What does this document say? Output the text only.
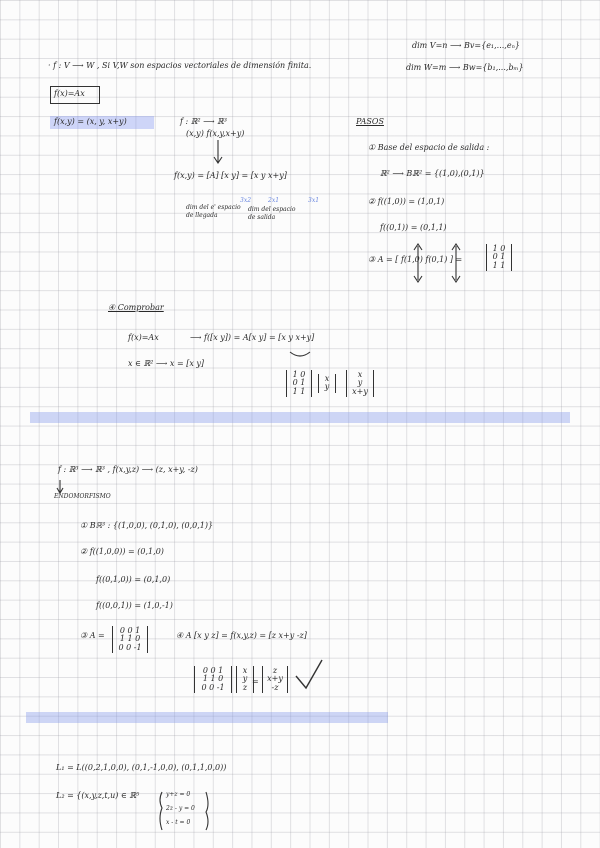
dim V=n ⟶ Bv={e₁,...,eₙ}
dim W=m ⟶ Bw={b₁,...,bₘ}
· f : V ⟶ W , Si V,W son espacios vectoriales de dimensión finita.
f(x)=Ax
f(x,y) = (x, y, x+y)	f : ℝ² ⟶ ℝ³
(x,y) f(x,y,x+y)
f(x,y) = [A] [x y] = [x y x+y]
3x2	2x1	3x1
dim del e' espacio de llegada
dim del espacio de salida
PASOS
① Base del espacio de salida :
ℝ² ⟶ Bℝ² = {(1,0),(0,1)}
② f((1,0)) = (1,0,1)
f((0,1)) = (0,1,1)
③ A = [ f(1,0) f(0,1) ] =
1 0
0 1
1 1
④ Comprobar
f(x)=Ax	⟶ f([x y]) = A[x y] = [x y x+y]
x ∈ ℝ² ⟶ x = [x y]
1 0
0 1
1 1
x
y
x
y
x+y
f : ℝ³ ⟶ ℝ³ , f(x,y,z) ⟶ (z, x+y, -z)
ENDOMORFISMO
① Bℝ³ : {(1,0,0), (0,1,0), (0,0,1)}
② f((1,0,0)) = (0,1,0)
f((0,1,0)) = (0,1,0)
f((0,0,1)) = (1,0,-1)
③ A =
0 0 1
1 1 0
0 0 -1
④ A [x y z] = f(x,y,z) = [z x+y -z]
0 0 1
1 1 0
0 0 -1
x
y
z
=
z
x+y
-z
L₁ = L((0,2,1,0,0), (0,1,-1,0,0), (0,1,1,0,0))
L₂ = {(x,y,z,t,u) ∈ ℝ⁵	y+z = 0
2z - y = 0
x - t = 0
